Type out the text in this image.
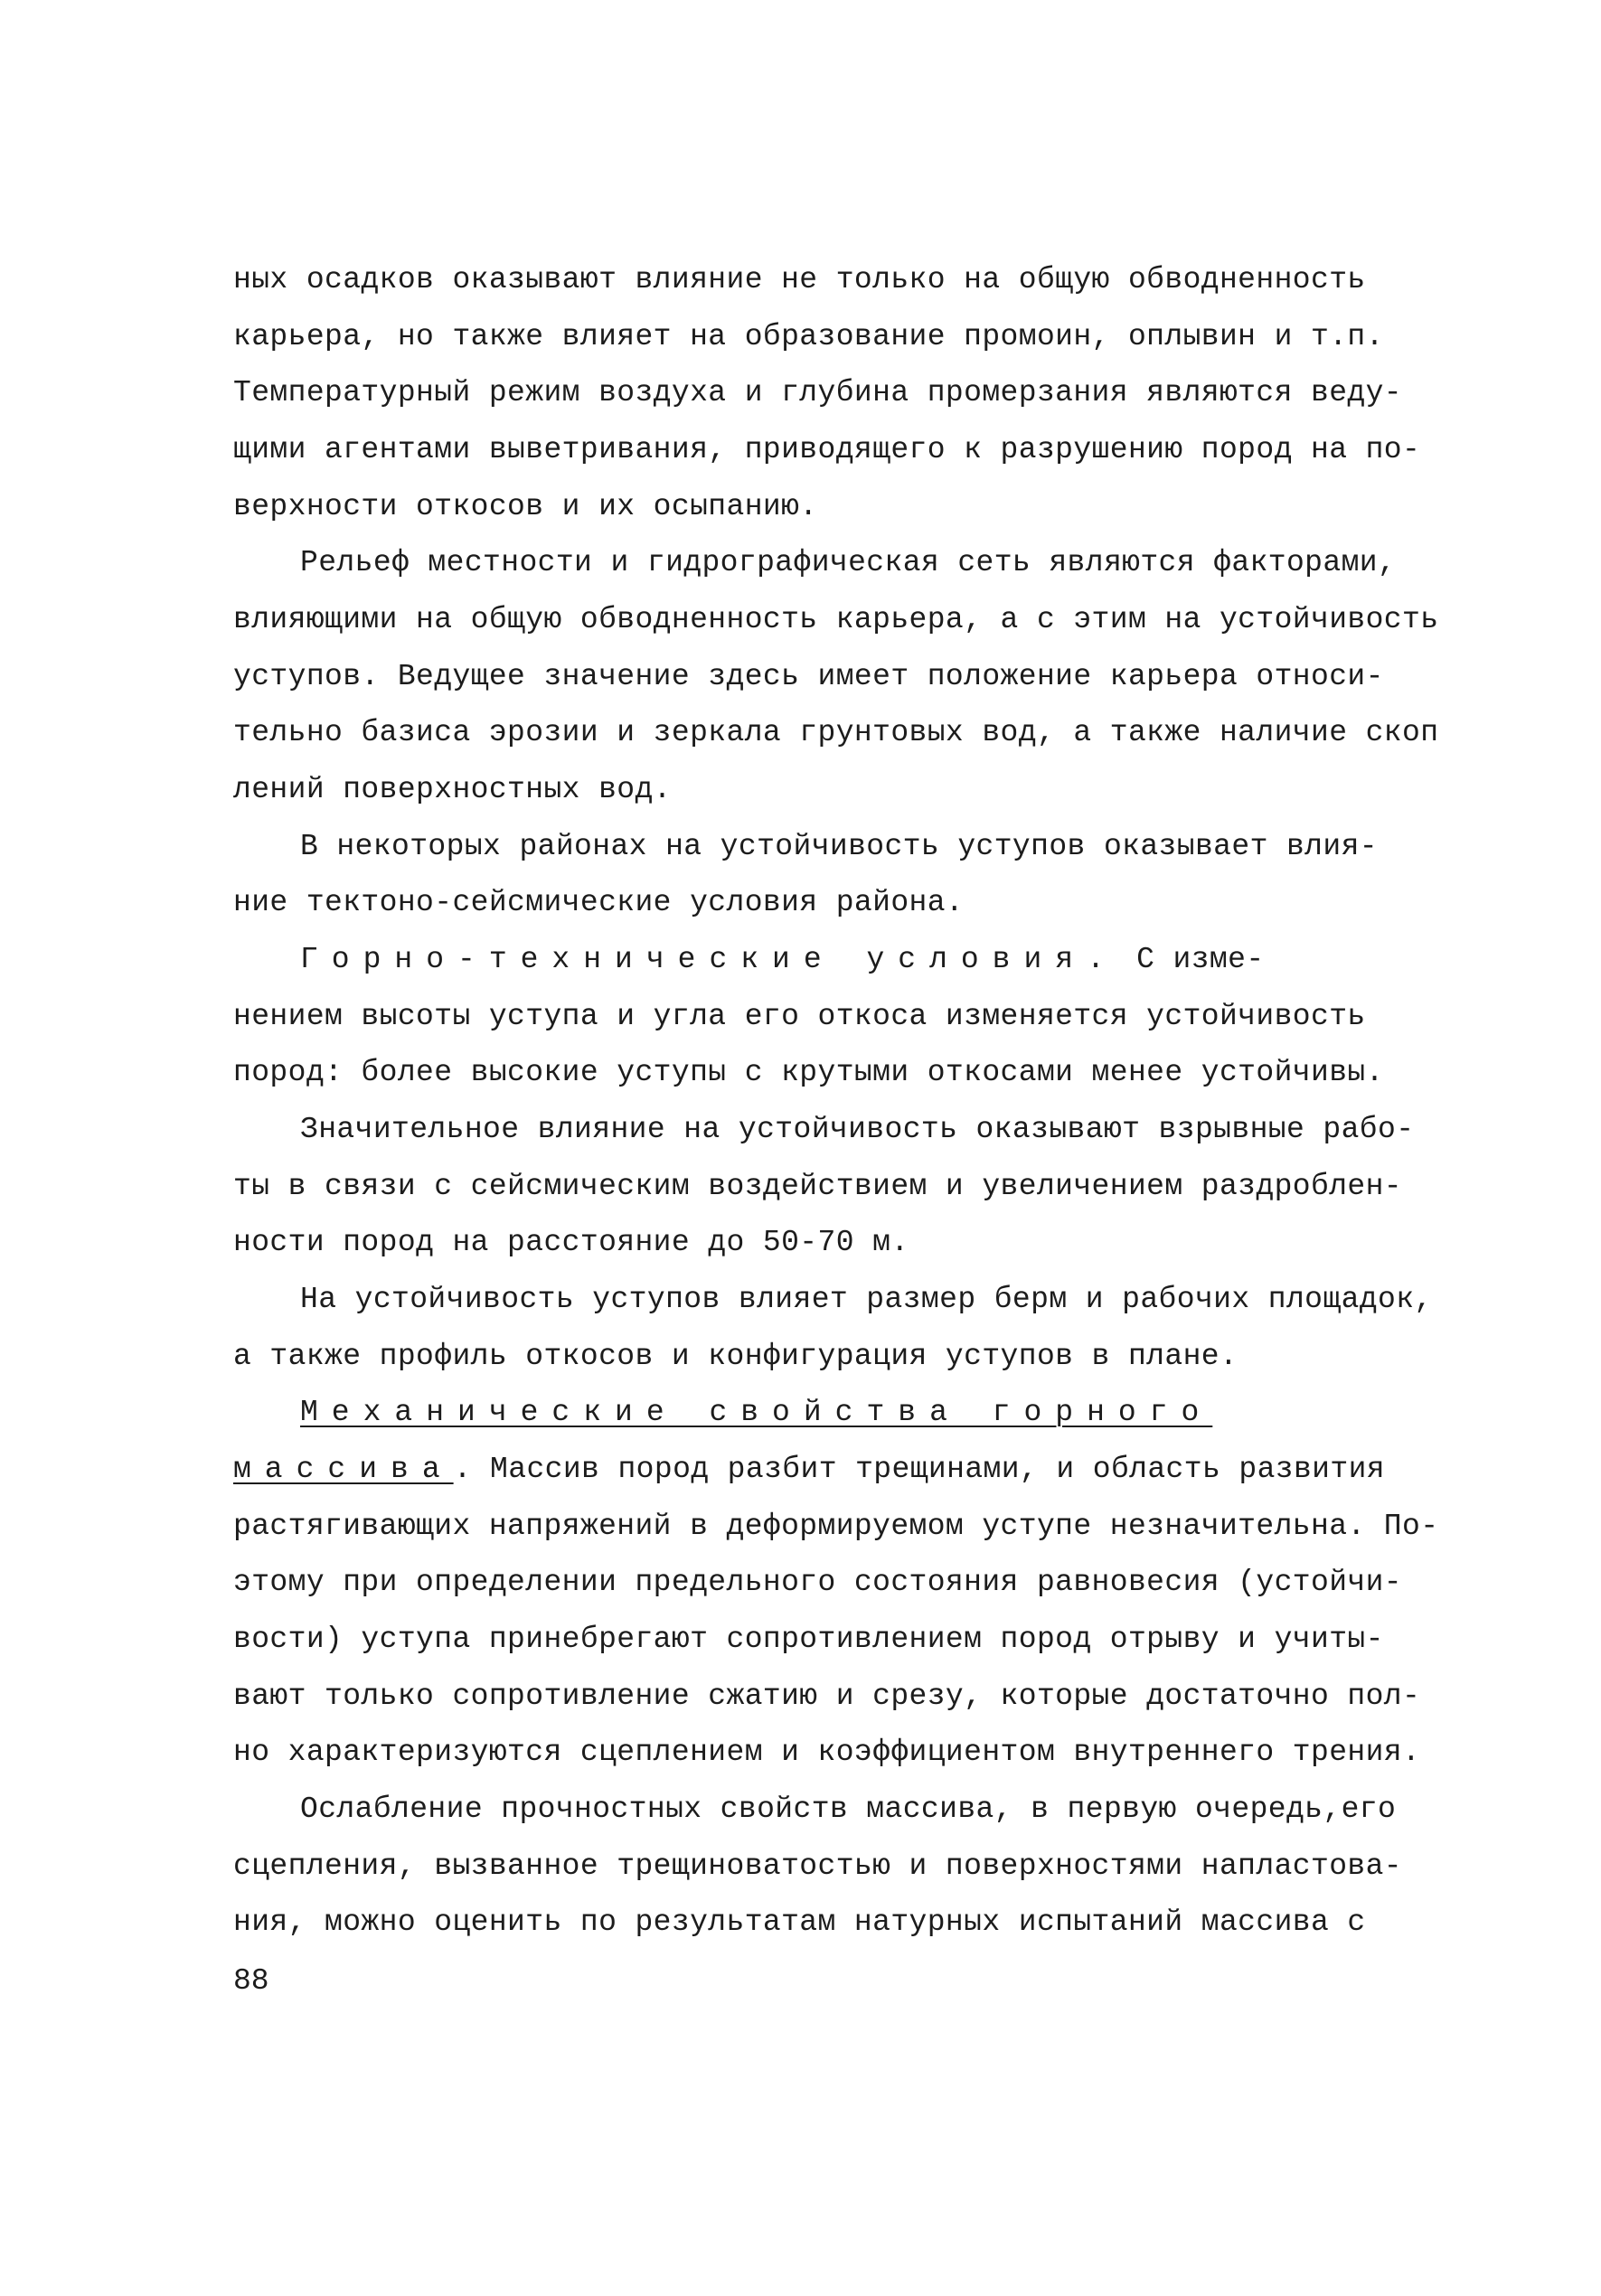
ных осадков оказывают влияние не только на общую обводненность
карьера, но также влияет на образование промоин, оплывин и т.п.
Температурный режим воздуха и глубина промерзания являются веду-
щими агентами выветривания, приводящего к разрушению пород на по-
верхности откосов и их осыпанию.
Рельеф местности и гидрографическая сеть являются факторами,
влияющими на общую обводненность карьера, а с этим на устойчивость
уступов. Ведущее значение здесь имеет положение карьера относи-
тельно базиса эрозии и зеркала грунтовых вод, а также наличие скоп
лений поверхностных вод.
В некоторых районах на устойчивость уступов оказывает влия-
ние тектоно-сейсмические условия района.
Горно-технические условия. С изме-
нением высоты уступа и угла его откоса изменяется устойчивость
пород: более высокие уступы с крутыми откосами менее устойчивы.
Значительное влияние на устойчивость оказывают взрывные рабо-
ты в связи с сейсмическим воздействием и увеличением раздроблен-
ности пород на расстояние до 50-70 м.
На устойчивость уступов влияет размер берм и рабочих площадок,
а также профиль откосов и конфигурация уступов в плане.
Механические свойства горного
массива. Массив пород разбит трещинами, и область развития
растягивающих напряжений в деформируемом уступе незначительна. По-
этому при определении предельного состояния равновесия (устойчи-
вости) уступа принебрегают сопротивлением пород отрыву и учиты-
вают только сопротивление сжатию и срезу, которые достаточно пол-
но характеризуются сцеплением и коэффициентом внутреннего трения.
Ослабление прочностных свойств массива, в первую очередь,его
сцепления, вызванное трещиноватостью и поверхностями напластова-
ния, можно оценить по результатам натурных испытаний массива с
88
